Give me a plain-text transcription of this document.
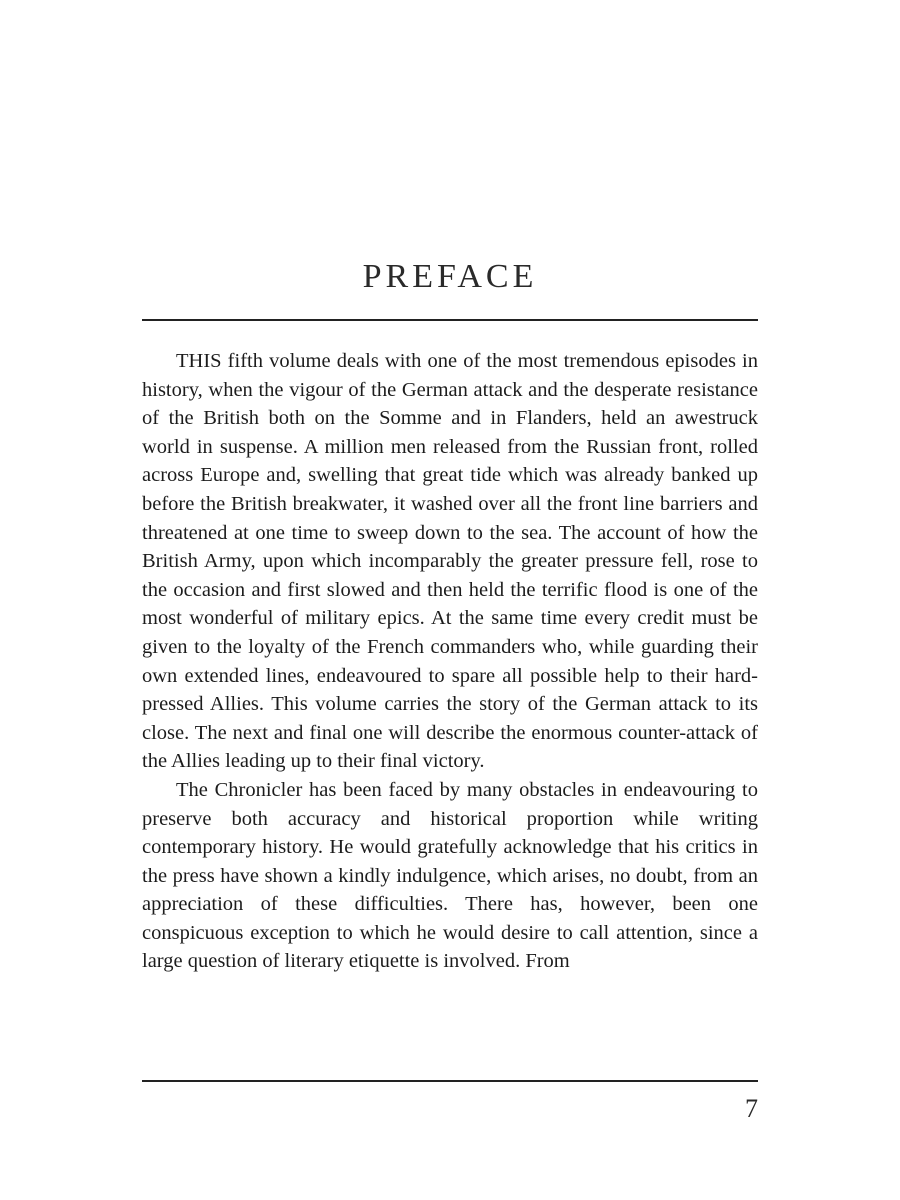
PREFACE

THIS fifth volume deals with one of the most tremendous episodes in history, when the vigour of the German attack and the desperate resistance of the British both on the Somme and in Flanders, held an awestruck world in suspense. A million men released from the Russian front, rolled across Europe and, swelling that great tide which was already banked up before the British breakwater, it washed over all the front line barriers and threatened at one time to sweep down to the sea. The account of how the British Army, upon which incomparably the greater pressure fell, rose to the occasion and first slowed and then held the terrific flood is one of the most wonderful of military epics. At the same time every credit must be given to the loyalty of the French commanders who, while guarding their own extended lines, endeavoured to spare all possible help to their hard-pressed Allies. This volume carries the story of the German attack to its close. The next and final one will describe the enormous counter-attack of the Allies leading up to their final victory.

The Chronicler has been faced by many obstacles in endeavouring to preserve both accuracy and historical proportion while writing contemporary history. He would gratefully acknowledge that his critics in the press have shown a kindly indulgence, which arises, no doubt, from an appreciation of these difficulties. There has, however, been one conspicuous exception to which he would desire to call attention, since a large question of literary etiquette is involved. From

7
